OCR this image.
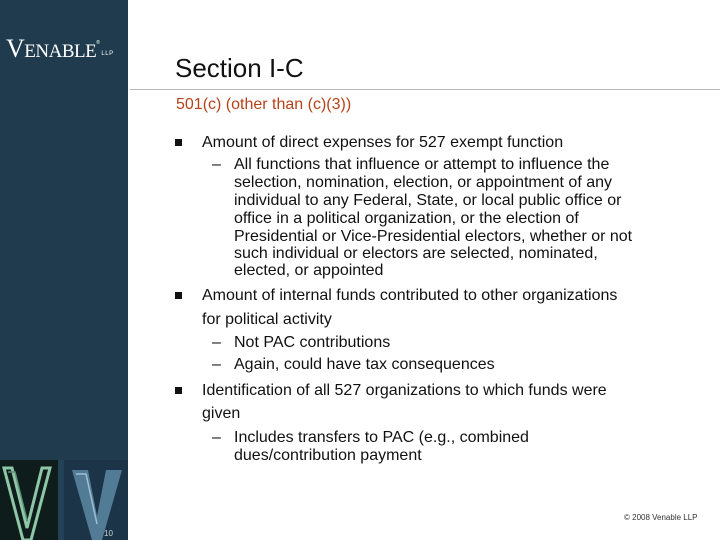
VENABLE®LLP
10
Section I-C
501(c) (other than (c)(3))
Amount of direct expenses for 527 exempt function
– All functions that influence or attempt to influence the
selection, nomination, election, or appointment of any
individual to any Federal, State, or local public office or
office in a political organization, or the election of
Presidential or Vice-Presidential electors, whether or not
such individual or electors are selected, nominated,
elected, or appointed
Amount of internal funds contributed to other organizations
for political activity
– Not PAC contributions
– Again, could have tax consequences
Identification of all 527 organizations to which funds were
given
– Includes transfers to PAC (e.g., combined
dues/contribution payment
© 2008 Venable LLP
